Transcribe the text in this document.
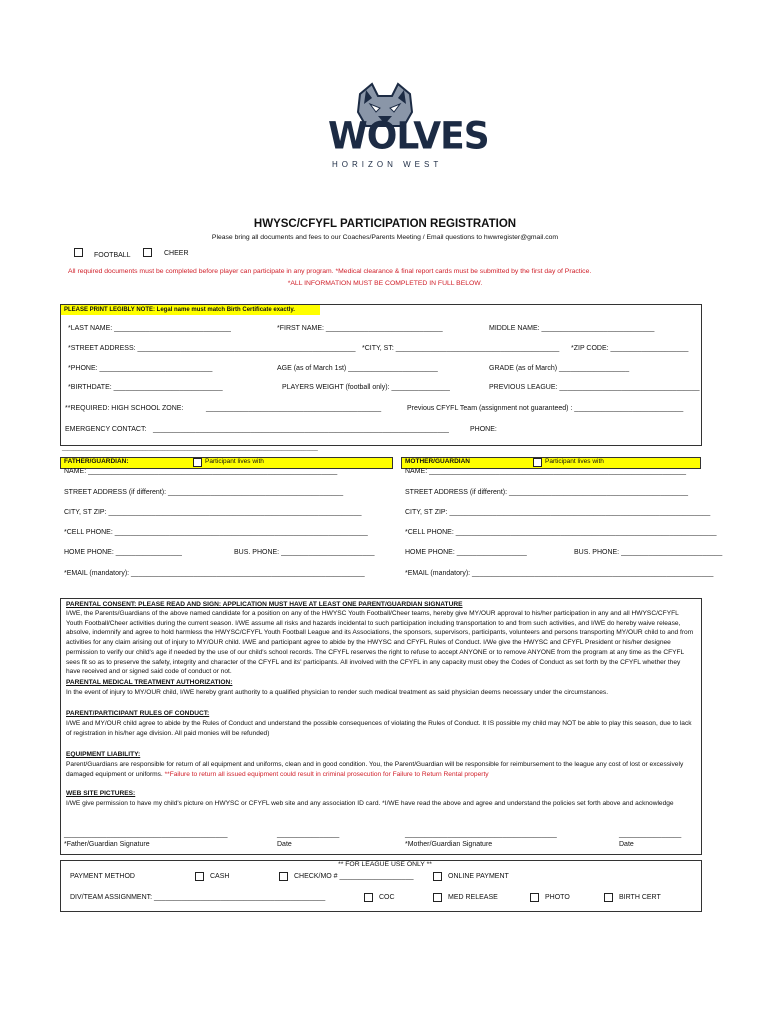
WOLVES
HORIZON WEST
HWYSC/CFYFL PARTICIPATION REGISTRATION
Please bring all documents and fees to our Coaches/Parents Meeting / Email questions to hwwregister@gmail.com
FOOTBALL	CHEER
All required documents must be completed before player can participate in any program. *Medical clearance & final report cards must be submitted by the first day of Practice.
*ALL INFORMATION MUST BE COMPLETED IN FULL BELOW.
PLEASE PRINT LEGIBLY NOTE: Legal name must match Birth Certificate exactly.
*LAST NAME: ______________________________	*FIRST NAME: ______________________________	MIDDLE NAME: _____________________________
*STREET ADDRESS: ________________________________________________________ *CITY, ST: __________________________________________ *ZIP CODE: ____________________
*PHONE: _____________________________	AGE (as of March 1st) _______________________	GRADE (as of March) __________________
*BIRTHDATE: ____________________________	PLAYERS WEIGHT (football only): _______________	PREVIOUS LEAGUE: ____________________________________
**REQUIRED: HIGH SCHOOL ZONE:	_____________________________________________	Previous CFYFL Team (assignment not guaranteed) : ____________________________
EMERGENCY CONTACT: ____________________________________________________________________________	PHONE:
____________________________________________________________________________________________
FATHER/GUARDIAN:	Participant lives with	MOTHER/GUARDIAN	Participant lives with
NAME: ________________________________________________________________	NAME: __________________________________________________________________
STREET ADDRESS (if different): _____________________________________________	STREET ADDRESS (if different): ______________________________________________
CITY, ST ZIP: _________________________________________________________________	CITY, ST ZIP: ___________________________________________________________________
*CELL PHONE: _________________________________________________________________	*CELL PHONE: ___________________________________________________________________
HOME PHONE: _________________	BUS. PHONE: ________________________	HOME PHONE: __________________	BUS. PHONE: __________________________
*EMAIL (mandatory): ____________________________________________________________	*EMAIL (mandatory): ______________________________________________________________
PARENTAL CONSENT: PLEASE READ AND SIGN: APPLICATION MUST HAVE AT LEAST ONE PARENT/GUARDIAN SIGNATURE
I/WE, the Parents/Guardians of the above named candidate for a position on any of the HWYSC Youth Football/Cheer teams, hereby give MY/OUR approval to his/her participation in any and all HWYSC/CFYFL Youth Football/Cheer activities during the current season. I/WE assume all risks and hazards incidental to such participation including transportation to and from such activities, and I/WE do hereby waive release, absolve, indemnify and agree to hold harmless the HWYSC/CFYFL Youth Football League and its Associations, the sponsors, supervisors, participants, volunteers and persons transporting MY/OUR child to and from activities for any claim arising out of injury to MY/OUR child. I/WE and participant agree to abide by the HWYSC and CFYFL Rules of Conduct. I/We give the HWYSC and CFYFL President or his/her designee permission to verify our child's age if needed by the use of our child's school records. The CFYFL reserves the right to refuse to accept ANYONE or to remove ANYONE from the program at any time as the CFYFL sees fit so as to preserve the safety, integrity and character of the CFYFL and its' participants. All involved with the CFYFL in any capacity must obey the Codes of Conduct as set forth by the CFYFL whether they have received and or signed said code of conduct or not.
PARENTAL MEDICAL TREATMENT AUTHORIZATION:
In the event of injury to MY/OUR child, I/WE hereby grant authority to a qualified physician to render such medical treatment as said physician deems necessary under the circumstances.
PARENT/PARTICIPANT RULES OF CONDUCT:
I/WE and MY/OUR child agree to abide by the Rules of Conduct and understand the possible consequences of violating the Rules of Conduct. It IS possible my child may NOT be able to play this season, due to lack of registration in his/her age division. All paid monies will be refunded)
EQUIPMENT LIABILITY:
Parent/Guardians are responsible for return of all equipment and uniforms, clean and in good condition. You, the Parent/Guardian will be responsible for reimbursement to the league any cost of lost or excessively damaged equipment or uniforms. **Failure to return all issued equipment could result in criminal prosecution for Failure to Return Rental property
WEB SITE PICTURES:
I/WE give permission to have my child's picture on HWYSC or CFYFL web site and any association ID card. *I/WE have read the above and agree and understand the policies set forth above and acknowledge
__________________________________________	________________	_______________________________________	________________
*Father/Guardian Signature	Date	*Mother/Guardian Signature	Date
** FOR LEAGUE USE ONLY **
PAYMENT METHOD	CASH	CHECK/MO # ___________________	ONLINE PAYMENT
DIV/TEAM ASSIGNMENT: ____________________________________________	COC	MED RELEASE	PHOTO	BIRTH CERT
